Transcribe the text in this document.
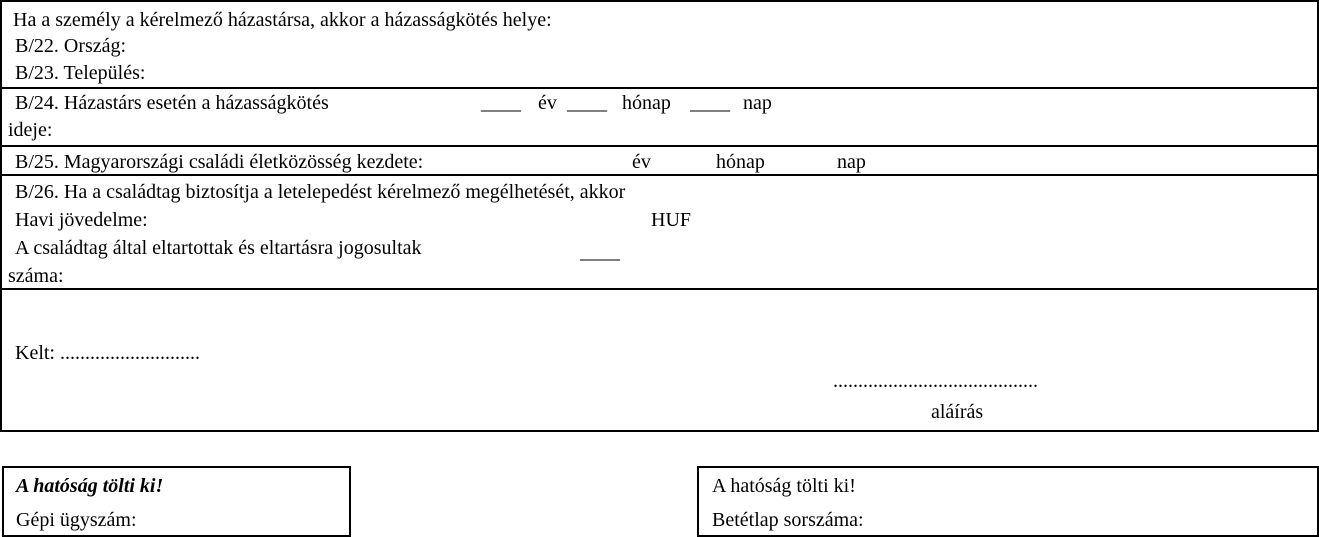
Ha a személy a kérelmező házastársa, akkor a házasságkötés helye:
B/22. Ország:
B/23. Település:
B/24. Házastárs esetén a házasságkötés
ideje:
____ év ____ hónap ____ nap
B/25. Magyarországi családi életközösség kezdete:	év	hónap	nap
B/26. Ha a családtag biztosítja a letelepedést kérelmező megélhetését, akkor
Havi jövedelme:	HUF
A családtag által eltartottak és eltartásra jogosultak	____
száma:
Kelt: ............................
.........................................
aláírás
A hatóság tölti ki!
Gépi ügyszám:
A hatóság tölti ki!
Betétlap sorszáma:
